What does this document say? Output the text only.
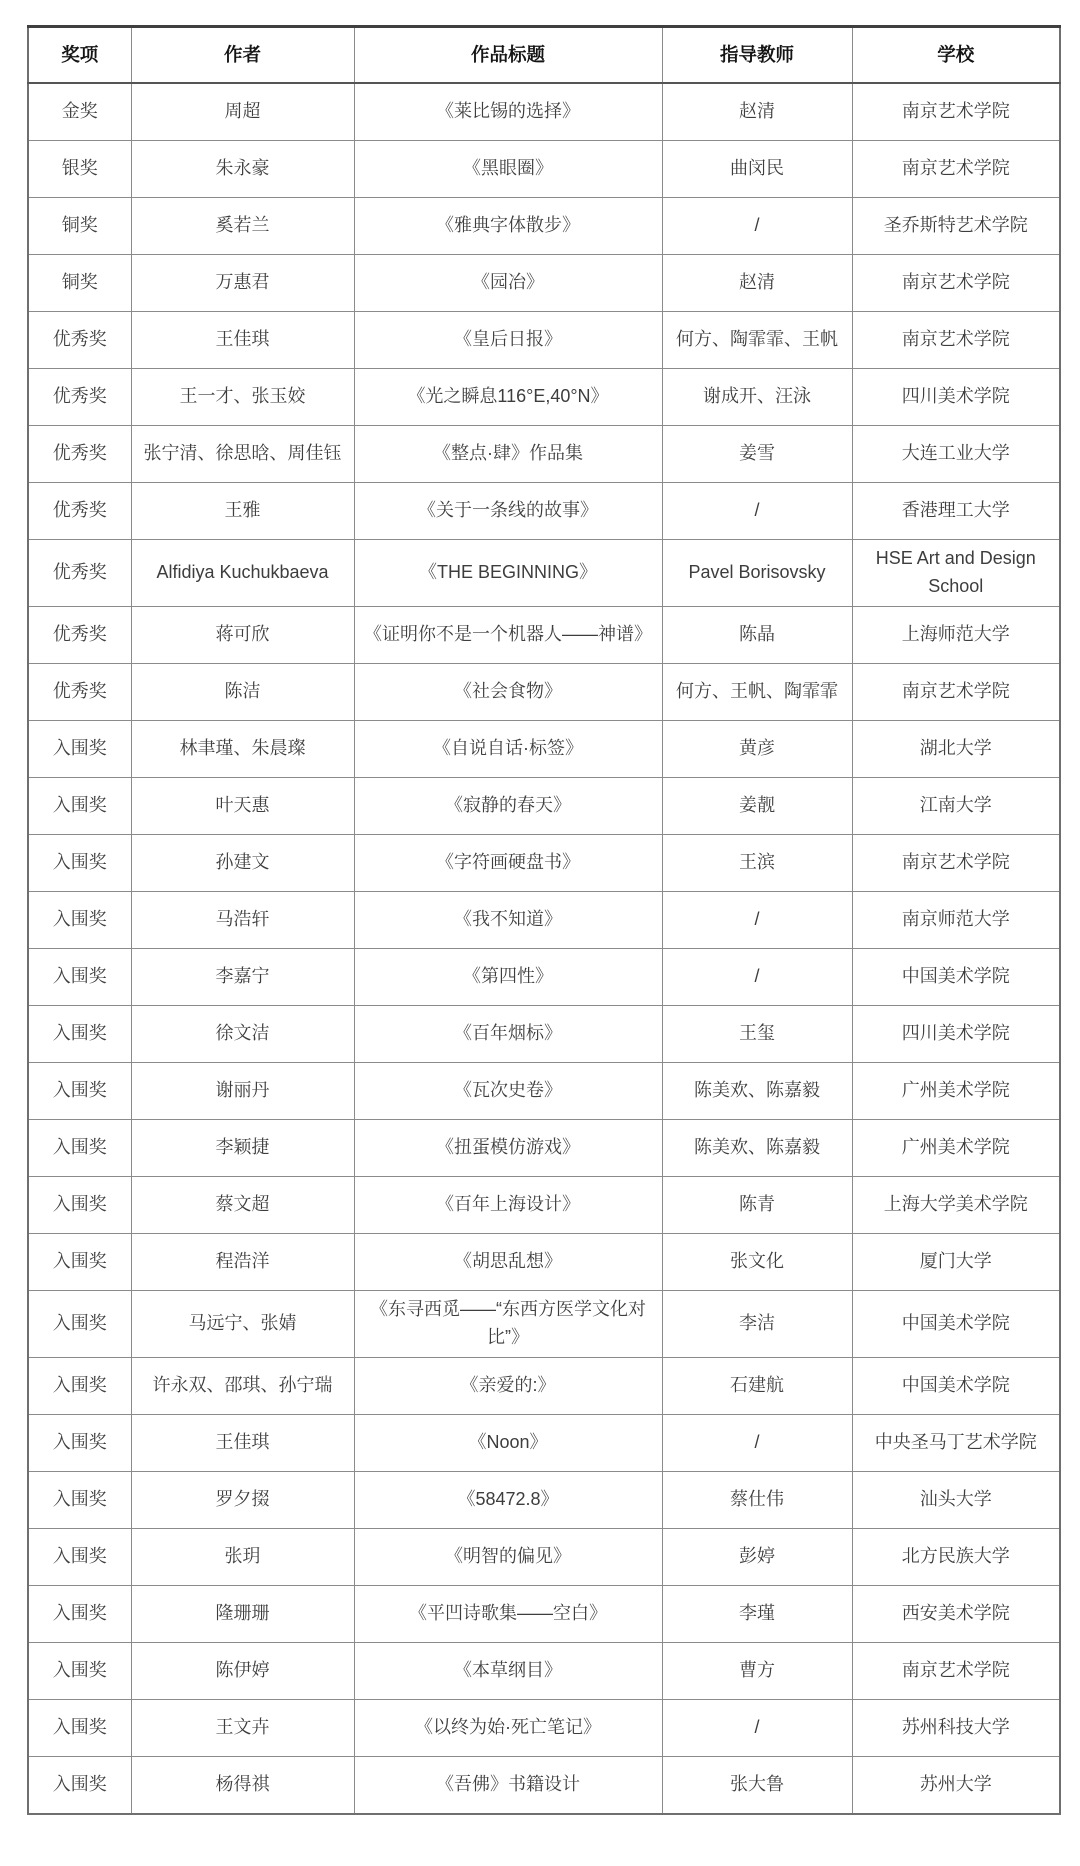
奖项	作者	作品标题	指导教师	学校
金奖	周超	《莱比锡的选择》	赵清	南京艺术学院
银奖	朱永豪	《黑眼圈》	曲闵民	南京艺术学院
铜奖	奚若兰	《雅典字体散步》	/	圣乔斯特艺术学院
铜奖	万惠君	《园冶》	赵清	南京艺术学院
优秀奖	王佳琪	《皇后日报》	何方、陶霏霏、王帆	南京艺术学院
优秀奖	王一才、张玉姣	《光之瞬息116°E,40°N》	谢成开、汪泳	四川美术学院
优秀奖	张宁清、徐思晗、周佳钰	《整点·肆》作品集	姜雪	大连工业大学
优秀奖	王雅	《关于一条线的故事》	/	香港理工大学
优秀奖	Alfidiya Kuchukbaeva	《THE BEGINNING》	Pavel Borisovsky	HSE Art and Design School
优秀奖	蒋可欣	《证明你不是一个机器人——神谱》	陈晶	上海师范大学
优秀奖	陈洁	《社会食物》	何方、王帆、陶霏霏	南京艺术学院
入围奖	林聿瑾、朱晨璨	《自说自话·标签》	黄彦	湖北大学
入围奖	叶天惠	《寂静的春天》	姜靓	江南大学
入围奖	孙建文	《字符画硬盘书》	王滨	南京艺术学院
入围奖	马浩轩	《我不知道》	/	南京师范大学
入围奖	李嘉宁	《第四性》	/	中国美术学院
入围奖	徐文洁	《百年烟标》	王玺	四川美术学院
入围奖	谢丽丹	《瓦次史卷》	陈美欢、陈嘉毅	广州美术学院
入围奖	李颖捷	《扭蛋模仿游戏》	陈美欢、陈嘉毅	广州美术学院
入围奖	蔡文超	《百年上海设计》	陈青	上海大学美术学院
入围奖	程浩洋	《胡思乱想》	张文化	厦门大学
入围奖	马远宁、张婧	《东寻西觅——“东西方医学文化对比”》	李洁	中国美术学院
入围奖	许永双、邵琪、孙宁瑞	《亲爱的:》	石建航	中国美术学院
入围奖	王佳琪	《Noon》	/	中央圣马丁艺术学院
入围奖	罗夕掇	《58472.8》	蔡仕伟	汕头大学
入围奖	张玥	《明智的偏见》	彭婷	北方民族大学
入围奖	隆珊珊	《平凹诗歌集——空白》	李瑾	西安美术学院
入围奖	陈伊婷	《本草纲目》	曹方	南京艺术学院
入围奖	王文卉	《以终为始·死亡笔记》	/	苏州科技大学
入围奖	杨得祺	《吾佛》书籍设计	张大鲁	苏州大学
